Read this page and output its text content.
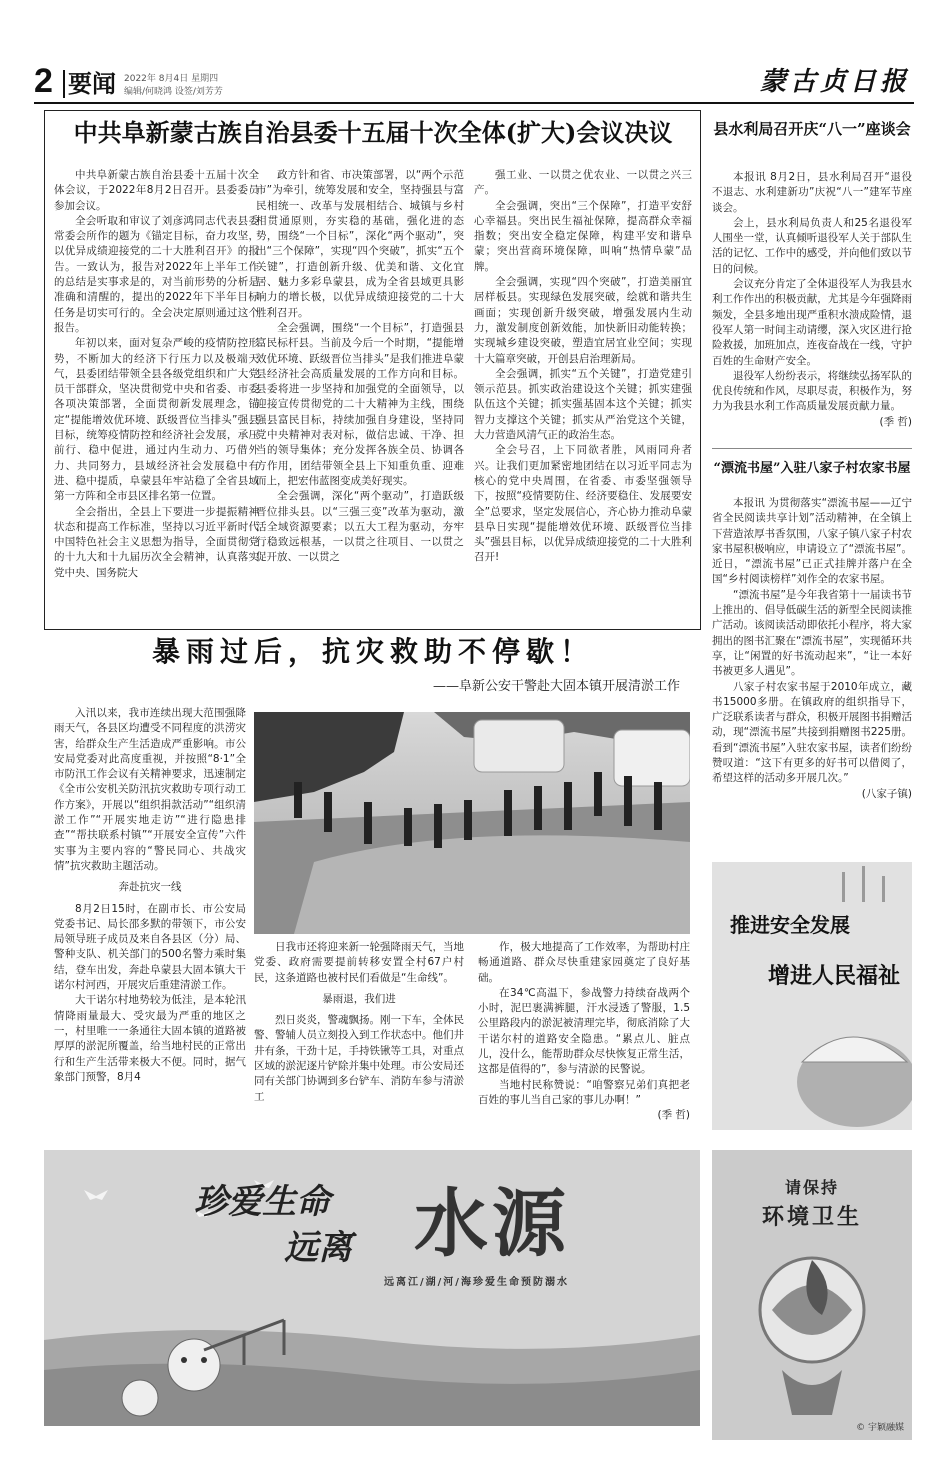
2 要闻 2022年 8月4日 星期四
编辑/何晓鸿 设签/刘芳芳	蒙古贞日报
中共阜新蒙古族自治县委十五届十次全体(扩大)会议决议

中共阜新蒙古族自治县委十五届十次全体会议，于2022年8月2日召开。县委委员参加会议。

全会听取和审议了刘彦鸿同志代表县委常委会所作的题为《锚定目标，奋力攻坚，以优异成绩迎接党的二十大胜利召开》的报告。一致认为，报告对2022年上半年工作的总结是实事求是的，对当前形势的分析是准确和清醒的，提出的2022年下半年目标任务是切实可行的。全会决定原则通过这个报告。

年初以来，面对复杂严峻的疫情防控形势，不断加大的经济下行压力以及极端天气，县委团结带领全县各级党组织和广大党员干部群众，坚决贯彻党中央和省委、市委各项决策部署，全面贯彻新发展理念，锚定“提能增效优环境、跃级晋位当排头”强县目标，统筹疫情防控和经济社会发展，承压前行、稳中促进，通过内生动力、巧借外力、共同努力，县域经济社会发展稳中有进、稳中提质，阜蒙县年牢站稳了全省县域第一方阵和全市县区排名第一位置。

全会指出，全县上下要进一步提振精神状态和提高工作标准，坚持以习近平新时代中国特色社会主义思想为指导，全面贯彻党的十九大和十九届历次全会精神，认真落实党中央、国务院大

政方针和省、市决策部署，以“两个示范市”为牵引，统筹发展和安全，坚持强县与富民相统一、改革与发展相结合、城镇与乡村相贯通原则，夯实稳的基础，强化进的态势，围绕“一个目标”，深化“两个驱动”，突出“三个保障”，实现“四个突破”，抓实“五个关键”，打造创新升级、优美和谐、文化宜居、魅力多彩阜蒙县，成为全省县域更具影响力的增长极，以优异成绩迎接党的二十大胜利召开。

全会强调，围绕“一个目标”，打造强县富民标杆县。当前及今后一个时期，“提能增效优环境、跃级晋位当排头”是我们推进阜蒙县经济社会高质量发展的工作方向和目标。县委将进一步坚持和加强党的全面领导，以迎接宣传贯彻党的二十大精神为主线，围绕强县富民目标，持续加强自身建设，坚持同党中央精神对表对标，做信忠诚、干净、担当的领导集体；充分发挥各族全员、协调各方作用，团结带领全县上下知重负重、迎难而上，把宏伟蓝图变成美好现实。

全会强调，深化“两个驱动”，打造跃级晋位排头县。以“三强三变”改革为驱动，激活全域资源要素；以五大工程为驱动，夯牢行稳致远根基，一以贯之往项目、一以贯之促开放、一以贯之

强工业、一以贯之优农业、一以贯之兴三产。

全会强调，突出“三个保障”，打造平安舒心幸福县。突出民生福祉保障，提高群众幸福指数；突出安全稳定保障，构建平安和谐阜蒙；突出营商环境保障，叫响“热情阜蒙”品牌。

全会强调，实现“四个突破”，打造美丽宜居样板县。实现绿色发展突破，绘就和谐共生画面；实现创新升级突破，增强发展内生动力，激发制度创新效能，加快新旧动能转换；实现城乡建设突破，塑造宜居宜业空间；实现十大篇章突破，开创县启治理新局。

全会强调，抓实“五个关键”，打造党建引领示范县。抓实政治建设这个关键；抓实建强队伍这个关键；抓实强基固本这个关键；抓实智力支撑这个关键；抓实从严治党这个关键，大力营造风清气正的政治生态。

全会号召，上下同欲者胜，风雨同舟者兴。让我们更加紧密地团结在以习近平同志为核心的党中央周围，在省委、市委坚强领导下，按照“疫情要防住、经济要稳住、发展要安全”总要求，坚定发展信心，齐心协力推动阜蒙县阜日实现“提能增效优环境、跃级晋位当排头”强县目标，以优异成绩迎接党的二十大胜利召开!

县水利局召开庆“八一”座谈会

本报讯 8月2日，县水利局召开“退役不退志、水利建新功”庆祝“八一”建军节座谈会。

会上，县水利局负责人和25名退役军人围坐一堂，认真倾听退役军人关于部队生活的记忆、工作中的感受，并向他们致以节日的问候。

会议充分肯定了全体退役军人为我县水利工作作出的积极贡献，尤其是今年强降雨频发，全县多地出现严重积水溃成险情，退役军人第一时间主动请缨，深入灾区进行抢险救援，加班加点，连夜奋战在一线，守护百姓的生命财产安全。

退役军人纷纷表示，将继续弘扬军队的优良传统和作风，尽职尽责，积极作为，努力为我县水利工作高质量发展贡献力量。
(季 哲)

“漂流书屋”入驻八家子村农家书屋

本报讯 为贯彻落实“漂流书屋——辽宁省全民阅读共享计划”活动精神，在全镇上下营造浓厚书香氛围，八家子镇八家子村农家书屋积极响应，申请设立了“漂流书屋”。近日，“漂流书屋”已正式挂牌并落户在全国“乡村阅读榜样”刘作全的农家书屋。

“漂流书屋”是今年我省第十一届读书节上推出的、倡导低碳生活的新型全民阅读推广活动。该阅读活动即依托小程序，将大家拥出的图书汇聚在“漂流书屋”，实现循环共享，让“闲置的好书流动起来”，“让一本好书被更多人遇见”。

八家子村农家书屋于2010年成立，藏书15000多册。在镇政府的组织指导下，广泛联系读者与群众，积极开展图书捐赠活动，现“漂流书屋”共接到捐赠图书225册。看到“漂流书屋”入驻农家书屋，读者们纷纷赞叹道：“这下有更多的好书可以借阅了，希望这样的活动多开展几次。”
(八家子镇)

暴雨过后，抗灾救助不停歇！
——阜新公安干警赴大固本镇开展清淤工作

入汛以来，我市连续出现大范围强降雨天气，各县区均遭受不同程度的洪涝灾害，给群众生产生活造成严重影响。市公安局党委对此高度重视，并按照“8·1”全市防汛工作会议有关精神要求，迅速制定《全市公安机关防汛抗灾救助专项行动工作方案》，开展以“组织捐款活动”“组织清淤工作”“开展实地走访”“进行隐患排查”“帮扶联系村镇”“开展安全宣传”六件实事为主要内容的“警民同心、共战灾情”抗灾救助主题活动。

奔赴抗灾一线

8月2日15时，在副市长、市公安局党委书记、局长邵多默的带领下，市公安局领导班子成员及来自各县区（分）局、警种支队、机关部门的500名警力乘时集结，登车出发，奔赴阜蒙县大固本镇大干诺尔村河西，开展灾后重建清淤工作。

大干诺尔村地势较为低洼，是本轮汛情降雨量最大、受灾最为严重的地区之一，村里唯一一条通往大固本镇的道路被厚厚的淤泥所覆盖，给当地村民的正常出行和生产生活带来极大不便。同时，据气象部门预警，8月4

日我市还将迎来新一轮强降雨天气，当地党委、政府需要提前转移安置全村67户村民，这条道路也被村民们看做是“生命线”。

暴雨退，我们进

烈日炎炎，警魂飘扬。刚一下车，全体民警、警辅人员立刻投入到工作状态中。他们井井有条，干劲十足，手持铁锹等工具，对重点区域的淤泥逐片铲除并集中处理。市公安局还同有关部门协调到多台铲车、消防车参与清淤工

作，极大地提高了工作效率，为帮助村庄畅通道路、群众尽快重建家园奠定了良好基础。

在34℃高温下，参战警力持续奋战两个小时，泥巴裹满裤腿，汗水浸透了警服，1.5公里路段内的淤泥被清理完毕，彻底消除了大干诺尔村的道路安全隐患。“累点儿、脏点儿，没什么，能帮助群众尽快恢复正常生活，这都是值得的”，参与清淤的民警说。

当地村民称赞说：“咱警察兄弟们真把老百姓的事儿当自己家的事儿办啊！”
(季 哲)

推进安全发展
增进人民福祉
珍爱生命
远离 水源
远离江/湖/河/海珍爱生命预防溺水
请保持
环境卫生
© 宇颖融媒
